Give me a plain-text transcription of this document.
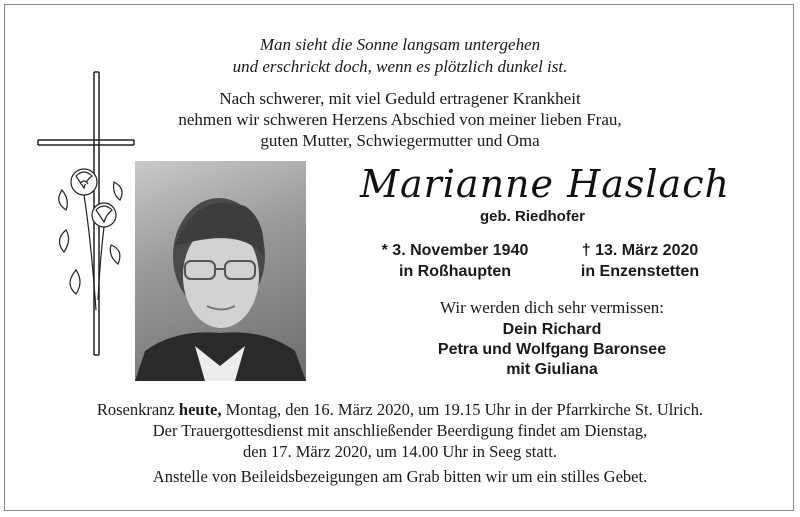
Man sieht die Sonne langsam untergehen
und erschrickt doch, wenn es plötzlich dunkel ist.
Nach schwerer, mit viel Geduld ertragener Krankheit
nehmen wir schweren Herzens Abschied von meiner lieben Frau,
guten Mutter, Schwiegermutter und Oma
Marianne Haslach
geb. Riedhofer
* 3. November 1940
in Roßhaupten
† 13. März 2020
in Enzenstetten
Wir werden dich sehr vermissen:
Dein Richard
Petra und Wolfgang Baronsee
mit Giuliana
Rosenkranz heute, Montag, den 16. März 2020, um 19.15 Uhr in der Pfarrkirche St. Ulrich.
Der Trauergottesdienst mit anschließender Beerdigung findet am Dienstag,
den 17. März 2020, um 14.00 Uhr in Seeg statt.
Anstelle von Beileidsbezeigungen am Grab bitten wir um ein stilles Gebet.
